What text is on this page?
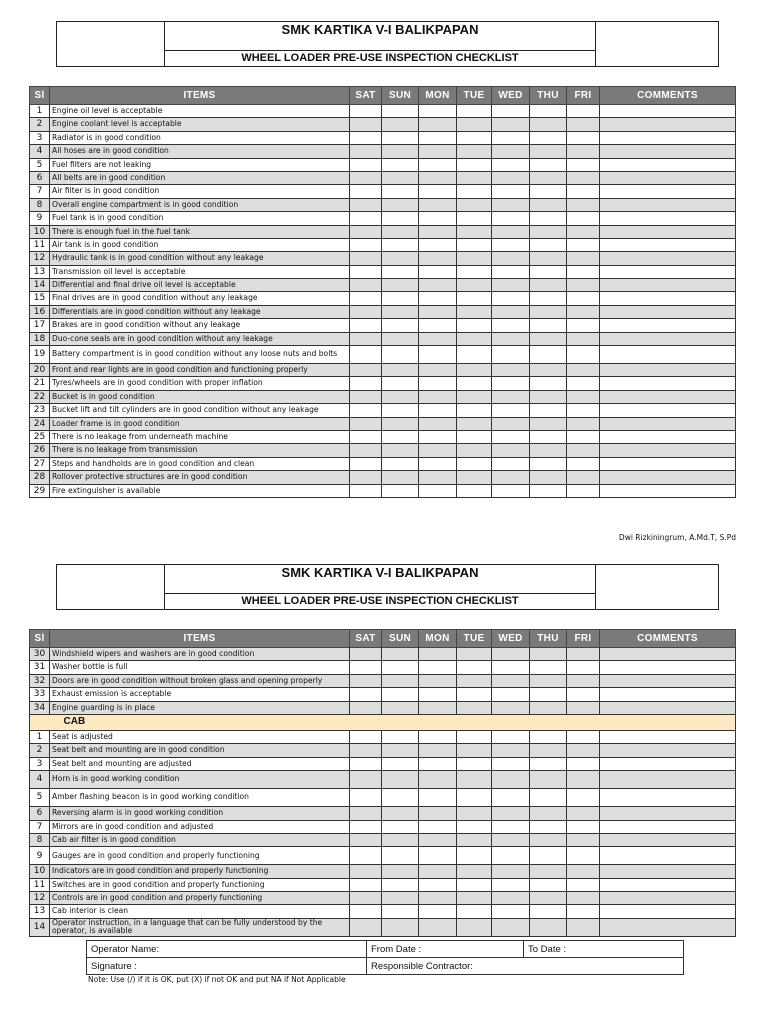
SMK KARTIKA V-I BALIKPAPAN
WHEEL LOADER PRE-USE INSPECTION CHECKLIST
Sl	ITEMS	SAT	SUN	MON	TUE	WED	THU	FRI	COMMENTS
1	Engine oil level is acceptable								
2	Engine coolant level is acceptable								
3	Radiator is in good condition								
4	All hoses are in good condition								
5	Fuel filters are not leaking								
6	All belts are in good condition								
7	Air filter is in good condition								
8	Overall engine compartment is in good condition								
9	Fuel tank is in good condition								
10	There is enough fuel in the fuel tank								
11	Air tank is in good condition								
12	Hydraulic tank is in good condition without any leakage								
13	Transmission oil level is acceptable								
14	Differential and final drive oil level is acceptable								
15	Final drives are in good condition without any leakage								
16	Differentials are in good condition without any leakage								
17	Brakes are in good condition without any leakage								
18	Duo-cone seals are in good condition without any leakage								
19	Battery compartment is in good condition without any loose nuts and bolts								
20	Front and rear lights are in good condition and functioning properly								
21	Tyres/wheels are in good condition with proper inflation								
22	Bucket is in good condition								
23	Bucket lift and tilt cylinders are in good condition without any leakage								
24	Loader frame is in good condition								
25	There is no leakage from underneath machine								
26	There is no leakage from transmission								
27	Steps and handholds are in good condition and clean								
28	Rollover protective structures are in good condition								
29	Fire extinguisher is available								
Dwi Rizkiningrum, A.Md.T, S.Pd
SMK KARTIKA V-I BALIKPAPAN
WHEEL LOADER PRE-USE INSPECTION CHECKLIST
Sl	ITEMS	SAT	SUN	MON	TUE	WED	THU	FRI	COMMENTS
30	Windshield wipers and washers are in good condition								
31	Washer bottle is full								
32	Doors are in good condition without broken glass and opening properly								
33	Exhaust emission is acceptable								
34	Engine guarding is in place								
	CAB								
1	Seat is adjusted								
2	Seat belt and mounting are in good condition								
3	Seat belt and mounting are adjusted								
4	Horn is in good working condition								
5	Amber flashing beacon is in good working condition								
6	Reversing alarm is in good working condition								
7	Mirrors are in good condition and adjusted								
8	Cab air filter is in good condition								
9	Gauges are in good condition and properly functioning								
10	Indicators are in good condition and properly functioning								
11	Switches are in good condition and properly functioning								
12	Controls are in good condition and properly functioning								
13	Cab interior is clean								
14	Operator instruction, in a language that can be fully understood by the operator, is available								
Operator Name:	From Date :	To Date :
Signature :	Responsible Contractor:	
Note: Use (/) if it is OK, put (X) if not OK and put NA if Not Applicable
